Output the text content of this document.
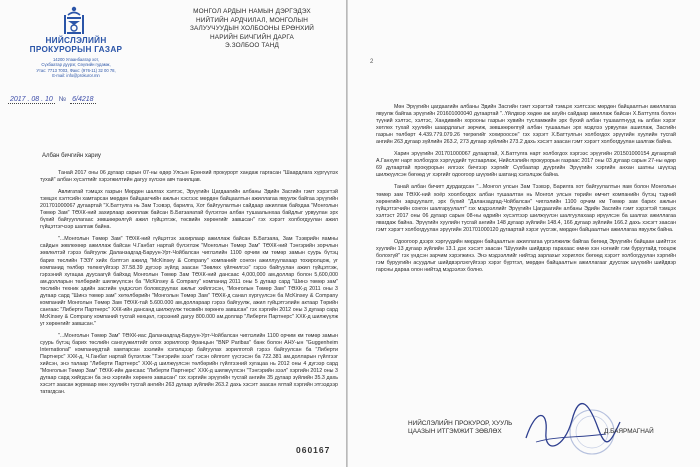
НИЙСЛЭЛИЙН
ПРОКУРОРЫН ГАЗАР
14200 Улаанбаатар хот,
Сүхбаатар дүүрэг, Сөүлийн гудамж,
Утас: 7713 7003, Факс: (976-11) 32 00 78,
E-mail: info@prokuror.mn
2017 . 08 . 10  №  6/4218
МОНГОЛ АРДЫН НАМЫН ДЭРГЭДЭХ
НИЙТИЙН АРДЧИЛАЛ, МОНГОЛЫН
ЗАЛУУЧУУДЫН ХОЛБООНЫ ЕРӨНХИЙ
НАРИЙН БИЧГИЙН ДАРГА
Э.ЗОЛБОО ТАНД
Албан бичгийн хариу

Танай 2017 оны 06 дугаар сарын 07-ны өдөр Улсын Ерөнхий прокурорт хандаж гаргасан "Шаардлага хүргүүлэх тухай" албан хүсэлтийг хэрэгжилтийн дагуу хүлээн авч танилцав.

Авлигатай тэмцэх газрын Мөрдөн шалгах хэлтэс, Эрүүгийн Цагдаагийн албаны Эдийн Засгийн гэмт хэрэгтэй тэмцэх хэлтсийн хамтарсан мөрдөн байцаагчийн ажлын хэсгээс мөрдөн байцаалтын ажиллагаа явуулж байгаа эрүүгийн 201701000067 дугаартай "Х.Баттулга нь Зам Тээвэр, барилга, Хот байгуулалтын сайдаар ажиллаж байхдаа "Монголын Төмөр Зам" ТӨХК-ний захирлаар ажиллаж байсан Б.Батзаяатай бүлэглэн албан тушаалынхаа байдлыг урвуулан эрх бүхий байгууллагаас зөвшөөрөлгүй ажил гүйцэтгэж, төсвийн хөрөнгийг завшсан" гэх хэрэгт холбогдуулан ажил гүйцэтгэгчээр шалгаж байна.

"...Монголын Төмөр Зам" ТӨХК-ний гүйцэтгэх захирлаар ажиллаж байсан Б.Батзаяа, Зам Тээврийн яамны сайдын зөвлөхөөр ажиллаж байсан Ч.Ганбат нартай бүлэглэж "Монголын Төмөр Зам" ТӨХК-ний Тэнгэрийн зорчлын зөвлөлтэй гэрээ байгуулж Даланзадгад-Баруун-Урт-Чойбалсан чиглэлийн 1100 орчим км төмөр замын суурь бүтэц барих төслийн ТЭЗҮ хийх бэлтгэл ажилд "McKinsey & Company" компанийг сонгон ажиллуулахаар тохиролцож, уг компанид төлбөр төлөхгүйгээр 37.58.39 дүгээр зүйлд заасан "Зөвлөх үйлчилгээ" гэрээ байгуулан ажил гүйцэтгэж, гэрээний хугацаа дуусаагүй байхад Монголын Төмөр Зам ТӨХК-ний дансаас 4,000,000 ам.доллар болон 5,600,000 ам.долларын төлбөрийг шилжүүлсэн ба "McKinsey & Company" компанид 2011 оны 5 дугаар сард "Шинэ төмөр зам" төслийн техник эдийн засгийн үндэслэл боловсруулах ажлыг хийлгэсэн, "Монголын Төмөр Зам" ТӨХК-д 2011 оны 3 дугаар сард "Шинэ төмөр зам" хөтөлбөрийн "Монголын Төмөр Зам" ТӨХК-д санал хүргүүлсэн ба McKinsey & Company компанийг Монголын Төмөр Зам ТӨХК-тай 5.600.000 ам.доллараар гэрээ байгуулж, ажил гүйцэтгэлийн актаар Төрийн сангаас "Либерти Партнерс" ХХК-ийн дансанд шилжүүлж төсвийн хөрөнгө завшсан" гэх хэргийн 2012 оны 3 дугаар сард McKinsey & Company компаний тусгай нөхцөл, гэрээний дагуу 800.000 ам.доллар "Либерти Партнерс" ХХК-д шилжүүлж уг хөрөнгийг завшсан."

"...Монголын Төмөр Зам" ТӨХК-иас Даланзадгад-Баруун-Урт-Чойбалсан чиглэлийн 1100 орчим км төмөр замын суурь бүтэц барих төслийн санхүүжилтийг олох зорилгоор Францын "BNP Paribas" банк болон АНУ-ын "Guggenheim International" компаниудтай хамтарсан зээлийн хэлэлцээр байгуулах зорилготой гэрээ байгуулсан ба "Либерти Партнерс" ХХК-д, Ч.Ганбат нартай бүлэглэж "Тэнгэрийн зээл" гэсэн ойлголт үүсгэсэн ба 722.381 ам.долларын гүйлгээг хийсэн, энэ талаар "Либерти Партнерс" ХХК-д шилжүүлсэн төлбөрийн гүйлгээний хугацаа нь 2012 оны 4 дүгээр сард "Монголын Төмөр Зам" ТӨХК-ийн дансаас "Либерти Партнерс" ХХК-д шилжүүлсэн "Тэнгэрийн зээл" хэргийн 2012 оны 3 дугаар сард хийгдсэн ба энэ хэргийн хөрөнгө завшсан" гэх хэргийн эрүүгийн тусгай ангийн 35 дугаар зүйлийн 35.3 дахь хэсэгт заасан журмаар мөн хуулийн тусгай ангийн 263 дугаар зүйлийн 263.2 дахь хэсэгт заасан ялтай хэргийн этгээдээр татагдсан.

060167
2

Мөн Эрүүгийн цагдаагийн албаны Эдийн Засгийн гэмт хэрэгтэй тэмцэх хэлтсээс мөрдөн байцаалтын ажиллагаа явуулж байгаа эрүүгийн 201601000040 дугаартай "..Үйлдвэр хөдөө аж ахуйн сайдаар ажиллаж байсан Х.Баттулга болон түүний хэлтэс, хэлтэс, Хандивийн хорооны газрын хувийн тусламжийн эрх бүхий албан тушаалтнууд нь албан хэрэг хөтлөх тухай хуулийн шаардлагыг зөрчиж, зөвшөөрөлгүй албан тушаалын эрх мэдлээ урвуулан ашиглаж, Засгийн газрын төлбөрт 4.439.779.079.26 төгрөгийг хохироосон" гэх хэрэгт Х.Баттулгын холбогдох эрүүгийн хуулийн тусгай ангийн 263 дугаар зүйлийн 263.2, 273 дугаар зүйлийн 273.2 дахь хэсэгт заасан гэмт хэрэгт холбогдуулан шалгаж байна.

Харин эрүүгийн 201701000067 дугаартай, Х.Баттулга нарт холбогдох хэргээс эрүүгийн 201501000154 дугаартай А.Ганхуяг нарт холбогдох хэргүүдийг тусгаарлаж, Нийслэлийн прокурорын газраас 2017 оны 03 дугаар сарын 27-ны өдөр 69 дугаартай прокурорын илгээх бичгээр хэргийг Сүхбаатар дүүргийн Эрүүгийн хэргийн анхан шатны шүүхэд шилжүүлсэн бөгөөд уг хэргийг одоогоор шүүхийн шатанд хэлэлцэж байна.

Танай албан бичигт дурдагдсан "...Монгол улсын Зам Тээвэр, Барилга хот байгуулалтын яам болон Монголын төмөр зам ТӨХК-ний хоёр хоолбогдох албан тушаалтан нь Монгол улсын төрийн өмчит компанийн бүтэц тэдний хөрөнгийн зарцуулалт, эрх бүхий "Даланзадгад-Чойбалсан" чиглэлийн 1100 орчим км Төмөр зам барих ажлын гүйцэтгэгчийн сонгон шалгаруулалт" гэх мэдээллийг Эрүүгийн Цагдаагийн албаны Эдийн Засгийн гэмт хэрэгтэй тэмцэх хэлтэст 2017 оны 06 дугаар сарын 08-ны өдрийн хүсэлтээр шилжүүлэн шалгуулахаар ирүүлсэн ба шалгах ажиллагаа явагдаж байна. Эрүүгийн хуулийн тусгай ангийн 148 дугаар зүйлийн 148.4, 166 дугаар зүйлийн 166.2 дахь хэсэгт заасан гэмт хэрэгт холбогдуулан эрүүгийн 201701000120 дугаартай хэрэг үүсгэж, мөрдөн байцаалтын ажиллагаа явуулж байна.

Одоогоор дээрх хэргүүдийн мөрдөн байцаалтын ажиллагаа үргэлжилж байгаа бөгөөд Эрүүгийн байцаан шийтгэх хуулийн 13 дугаар зүйлийн 13.1 дэх хэсэгт заасан "Шүүхийн шийдвэр гарахаас өмнө хэн нэгнийг гэм буруутайд тооцож болохгүй" гэх үндсэн зарчим хэрэгжинэ. Энэ мэдээллийг нийтэд зарлахыг хориглох бөгөөд хэрэгт холбогдуулан хэргийн гэм буруугийн асуудлыг шийдвэрлэхгүйгээр хэрэг бүртгэл, мөрдөн байцаалтын ажиллагааг дуусгаж шүүхийн шийдвэр гарсны дараа олон нийтэд мэдээлэх болно.

НИЙСЛЭЛИЙН ПРОКУРОР, ХУУЛЬ
ЦААЗЫН ИТГЭМЖИТ ЗӨВЛӨХ	Д.БАЯРМАГНАЙ
